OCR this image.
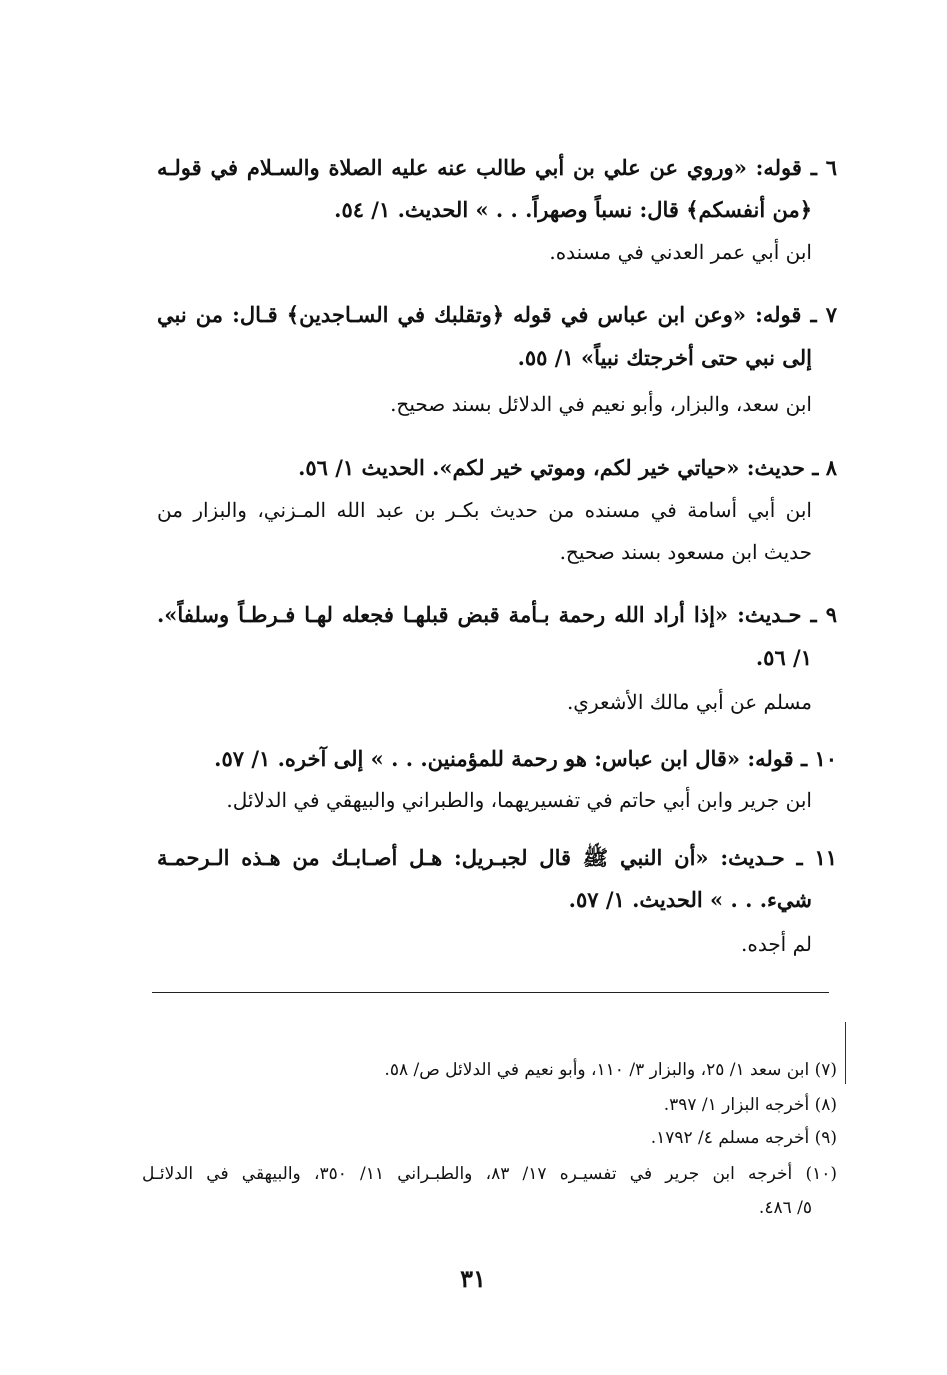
٦ ـ قوله: «وروي عن علي بن أبي طالب عنه عليه الصلاة والسـلام في قولـه
﴿من أنفسكم﴾ قال: نسباً وصهراً. . . » الحديث. ١/ ٥٤.
ابن أبي عمر العدني في مسنده.
٧ ـ قوله: «وعن ابن عباس في قوله ﴿وتقلبك في السـاجدين﴾ قـال: من نبي
إلى نبي حتى أخرجتك نبياً» ١/ ٥٥.
ابن سعد، والبزار، وأبو نعيم في الدلائل بسند صحيح.
٨ ـ حديث: «حياتي خير لكم، وموتي خير لكم». الحديث ١/ ٥٦.
ابن أبي أسامة في مسنده من حديث بكـر بن عبد الله المـزني، والبزار من
حديث ابن مسعود بسند صحيح.
٩ ـ حـديث: «إذا أراد الله رحمة بـأمة قبض قبلهـا فجعله لهـا فـرطـاً وسلفاً».
١/ ٥٦.
مسلم عن أبي مالك الأشعري.
١٠ ـ قوله: «قال ابن عباس: هو رحمة للمؤمنين. . . » إلى آخره. ١/ ٥٧.
ابن جرير وابن أبي حاتم في تفسيريهما، والطبراني والبيهقي في الدلائل.
١١ ـ حـديث: «أن النبي ﷺ قال لجبـريل: هـل أصـابـك من هـذه الـرحمـة
شيء. . . » الحديث. ١/ ٥٧.
لم أجده.
(٧) ابن سعد ١/ ٢٥، والبزار ٣/ ١١٠، وأبو نعيم في الدلائل ص/ ٥٨.
(٨) أخرجه البزار ١/ ٣٩٧.
(٩) أخرجه مسلم ٤/ ١٧٩٢.
(١٠) أخرجه ابن جرير في تفسيـره ١٧/ ٨٣، والطبـراني ١١/ ٣٥٠، والبيهقي في الدلائـل
٥/ ٤٨٦.
٣١
